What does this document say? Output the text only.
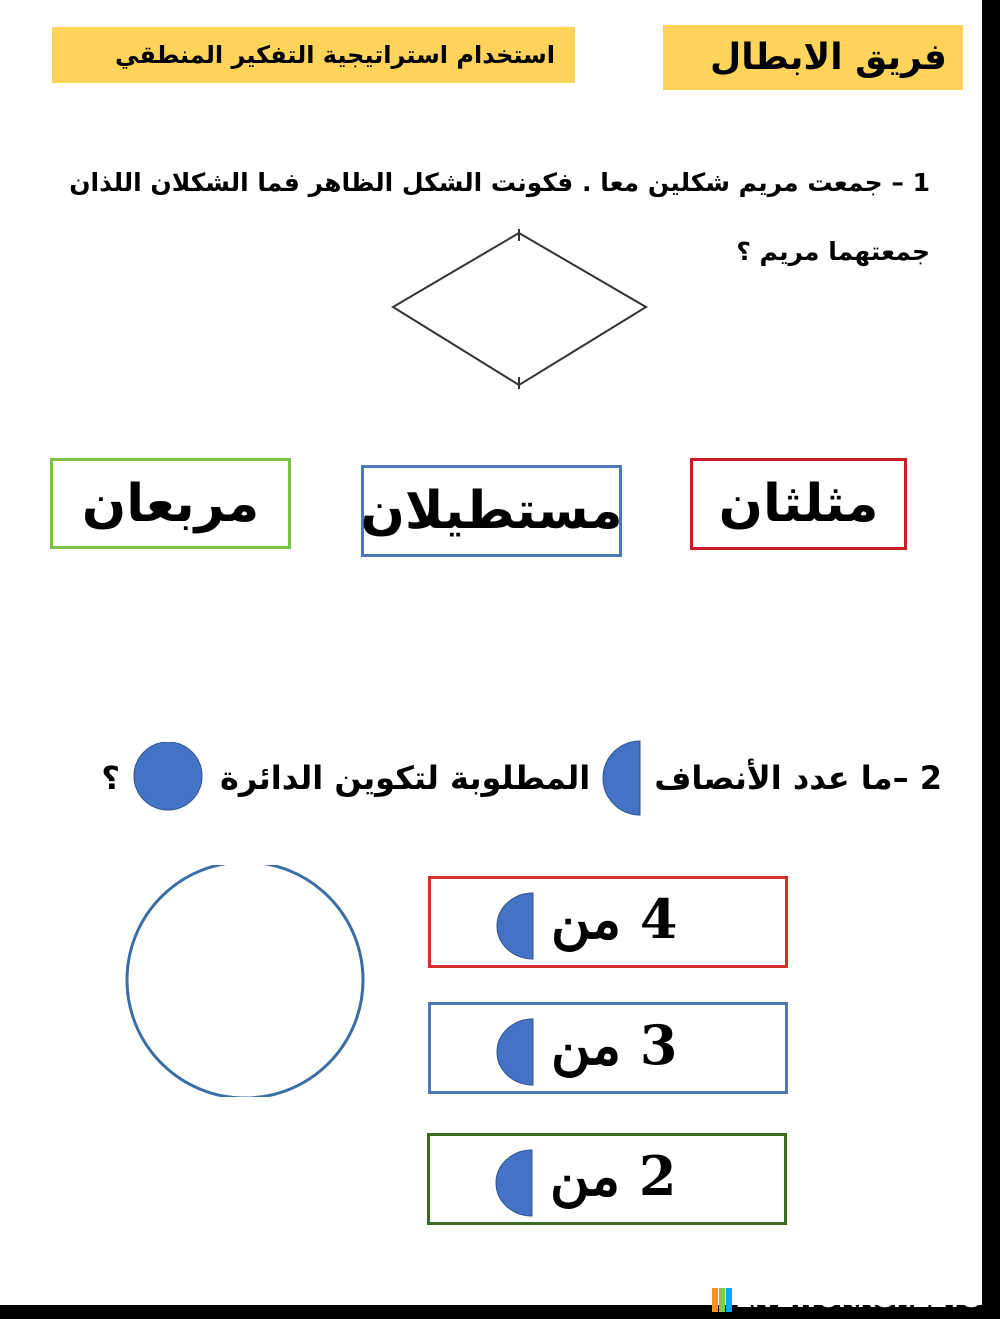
فريق الابطال
استخدام استراتيجية التفكير المنطقي
1 – جمعت مريم شكلين معا . فكونت الشكل الظاهر فما الشكلان اللذان
جمعتهما مريم ؟
مثلثان
مستطيلان
مربعان
2 –ما عدد الأنصاف
المطلوبة لتكوين الدائرة
؟
4 من
3 من
2 من
LIVEWORKSHEETS
